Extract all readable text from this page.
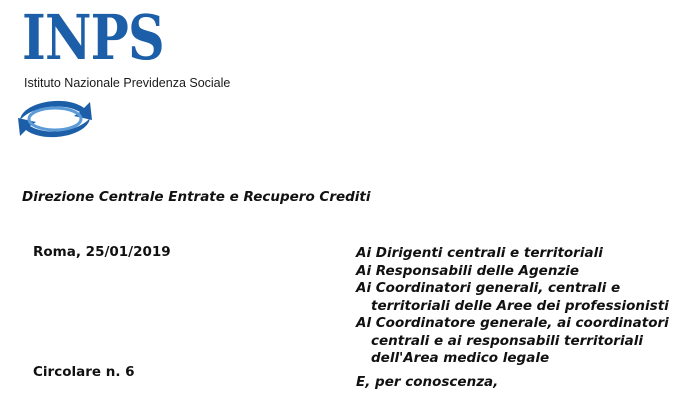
INPS
Istituto Nazionale Previdenza Sociale
Direzione Centrale Entrate e Recupero Crediti
Roma, 25/01/2019	Ai Dirigenti centrali e territoriali
Ai Responsabili delle Agenzie
Ai Coordinatori generali, centrali e territoriali delle Aree dei professionisti
Al Coordinatore generale, ai coordinatori centrali e ai responsabili territoriali dell'Area medico legale
Circolare n. 6
E, per conoscenza,
